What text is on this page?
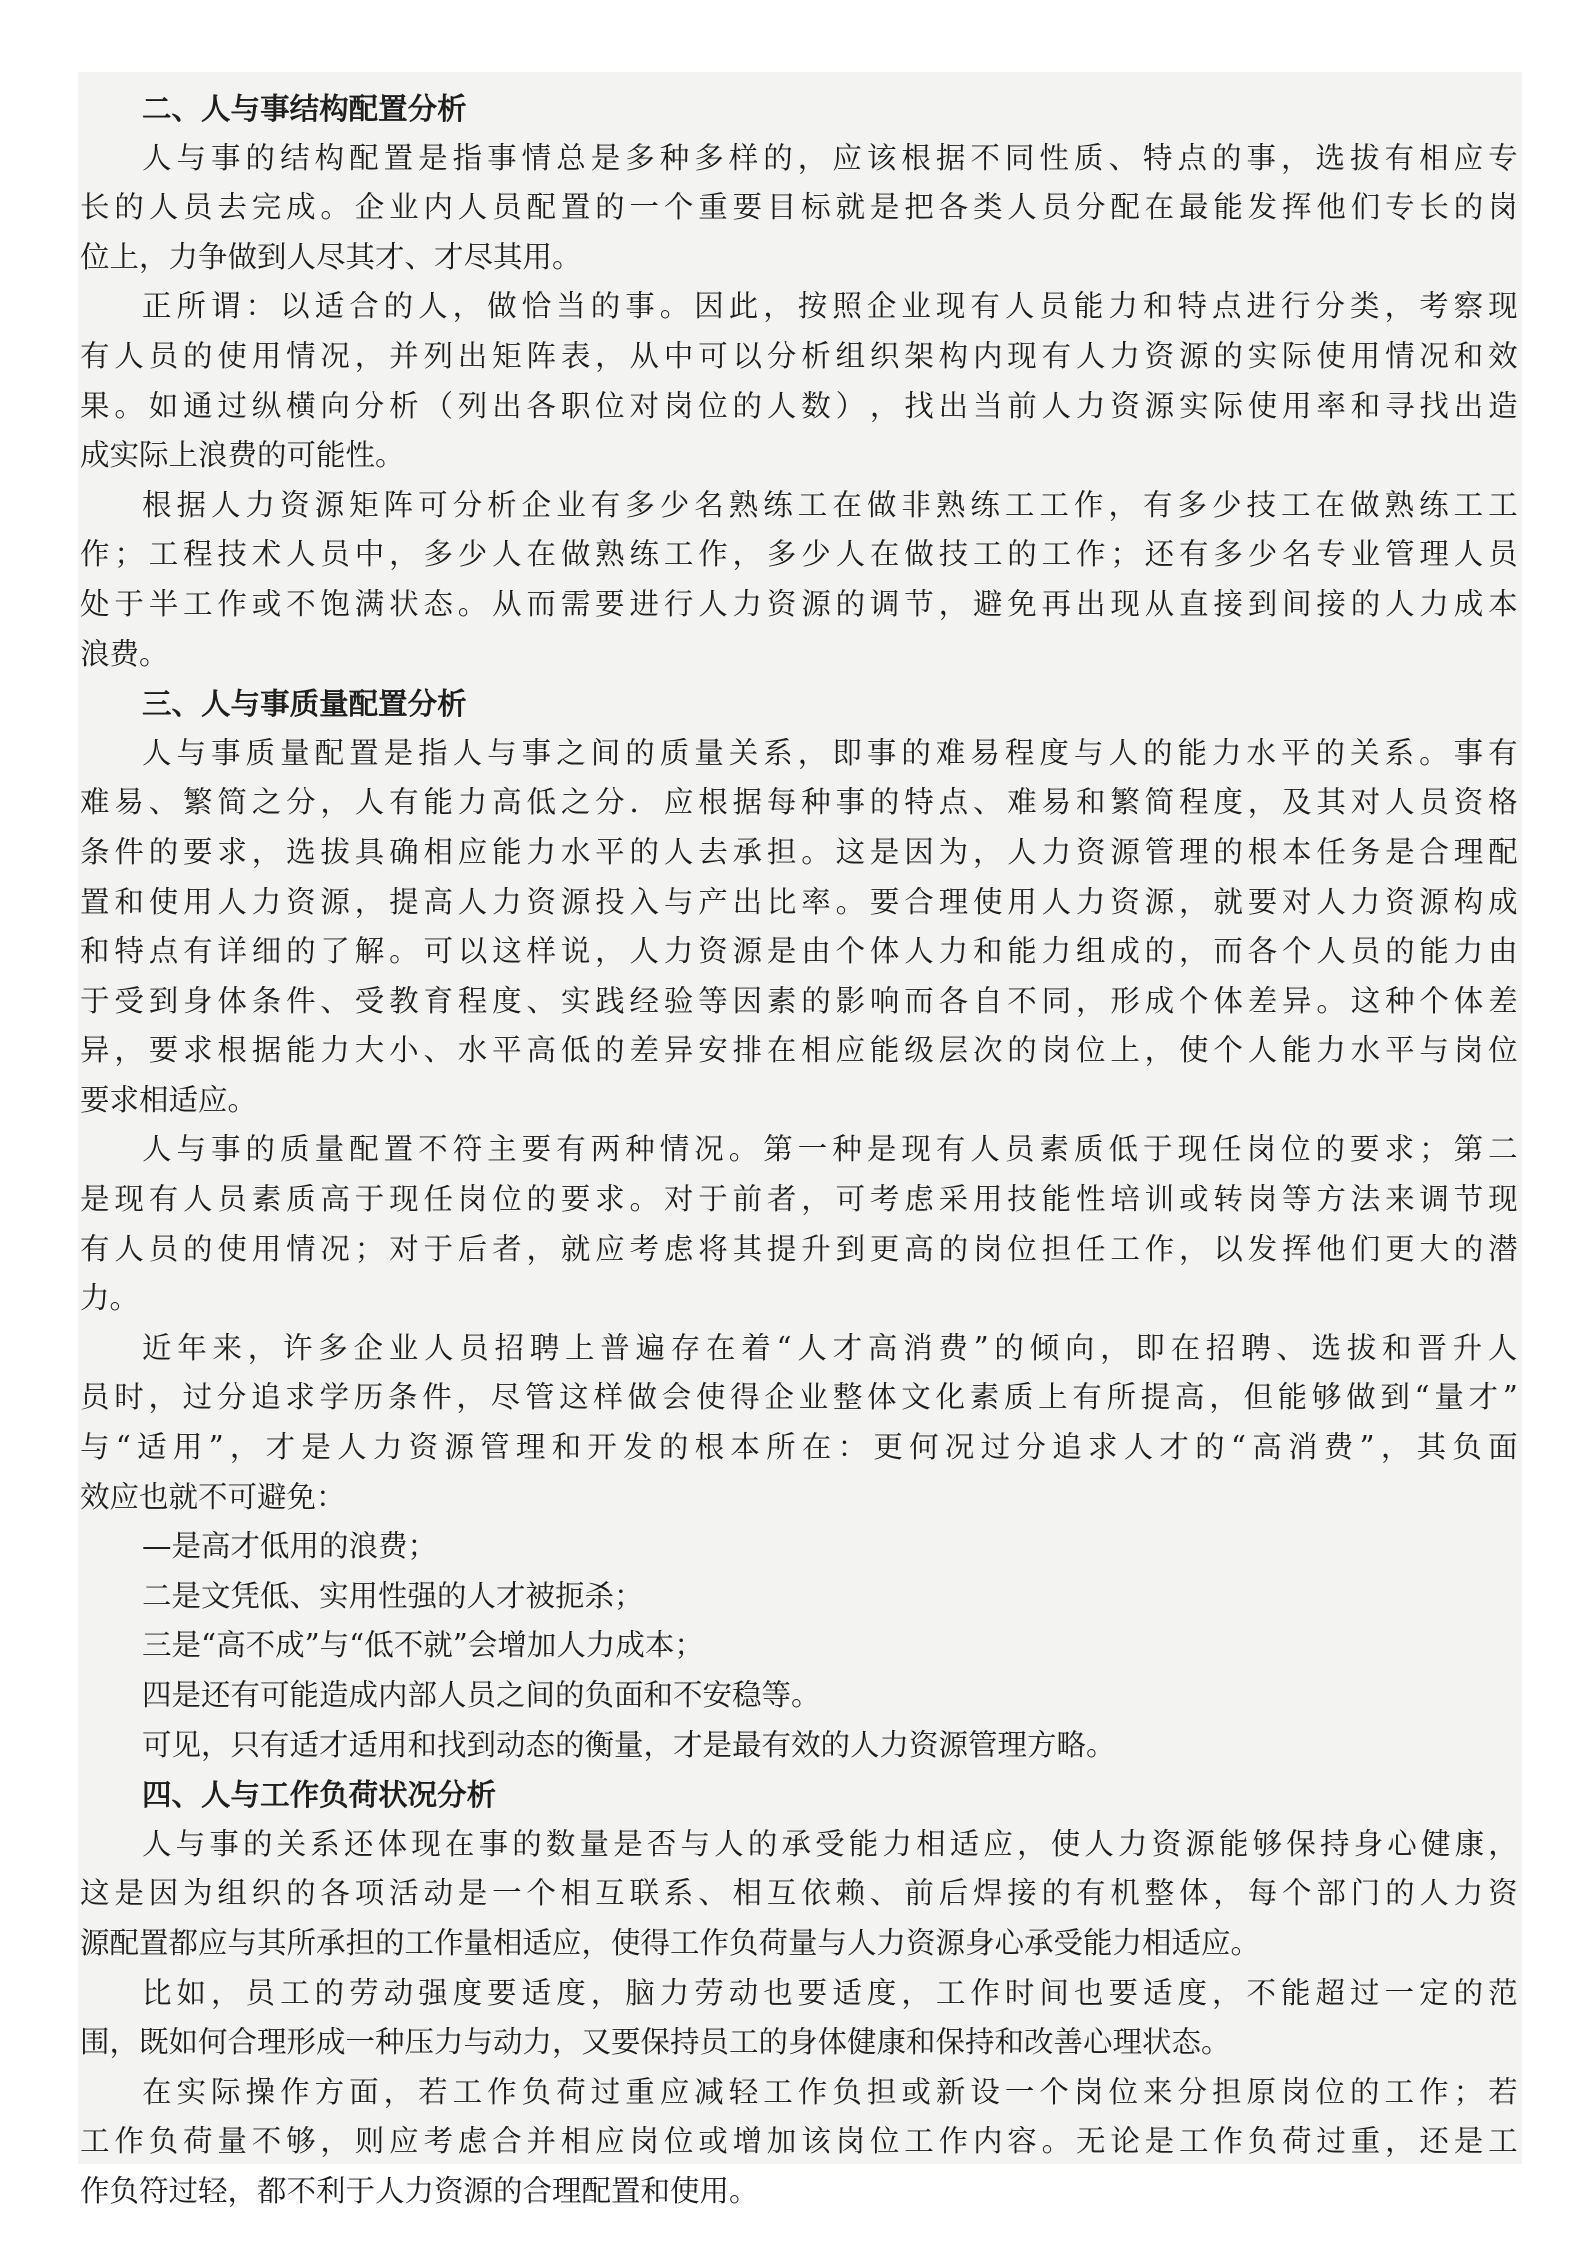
二 、 人 与 事 结 构 配 置 分 析
人 与 事 的 结 构 配 置 是 指 事 情 总 是 多 种 多 样 的 ， 应 该 根 据 不 同 性 质 、 特 点 的 事 ， 选 拔 有 相 应 专
长 的 人 员 去 完 成 。 企 业 内 人 员 配 置 的 一 个 重 要 目 标 就 是 把 各 类 人 员 分 配 在 最 能 发 挥 他 们 专 长 的 岗
位上，力争做到人尽其才、才尽其用。
正 所 谓 ： 以 适 合 的 人 ， 做 恰 当 的 事 。 因 此 ， 按 照 企 业 现 有 人 员 能 力 和 特 点 进 行 分 类 ， 考 察 现
有 人 员 的 使 用 情 况 ， 并 列 出 矩 阵 表 ， 从 中 可 以 分 析 组 织 架 构 内 现 有 人 力 资 源 的 实 际 使 用 情 况 和 效
果 。 如 通 过 纵 横 向 分 析 （ 列 出 各 职 位 对 岗 位 的 人 数 ） ， 找 出 当 前 人 力 资 源 实 际 使 用 率 和 寻 找 出 造
成实际上浪费的可能性。
根 据 人 力 资 源 矩 阵 可 分 析 企 业 有 多 少 名 熟 练 工 在 做 非 熟 练 工 工 作 ， 有 多 少 技 工 在 做 熟 练 工 工
作 ； 工 程 技 术 人 员 中 ， 多 少 人 在 做 熟 练 工 作 ， 多 少 人 在 做 技 工 的 工 作 ； 还 有 多 少 名 专 业 管 理 人 员
处 于 半 工 作 或 不 饱 满 状 态 。 从 而 需 要 进 行 人 力 资 源 的 调 节 ， 避 免 再 出 现 从 直 接 到 间 接 的 人 力 成 本
浪费。
三 、 人 与 事 质 量 配 置 分 析
人 与 事 质 量 配 置 是 指 人 与 事 之 间 的 质 量 关 系 ， 即 事 的 难 易 程 度 与 人 的 能 力 水 平 的 关 系 。 事 有
难 易 、 繁 简 之 分 ， 人 有 能 力 高 低 之 分 ． 应 根 据 每 种 事 的 特 点 、 难 易 和 繁 简 程 度 ， 及 其 对 人 员 资 格
条 件 的 要 求 ， 选 拔 具 确 相 应 能 力 水 平 的 人 去 承 担 。 这 是 因 为 ， 人 力 资 源 管 理 的 根 本 任 务 是 合 理 配
置 和 使 用 人 力 资 源 ， 提 高 人 力 资 源 投 入 与 产 出 比 率 。 要 合 理 使 用 人 力 资 源 ， 就 要 对 人 力 资 源 构 成
和 特 点 有 详 细 的 了 解 。 可 以 这 样 说 ， 人 力 资 源 是 由 个 体 人 力 和 能 力 组 成 的 ， 而 各 个 人 员 的 能 力 由
于 受 到 身 体 条 件 、 受 教 育 程 度 、 实 践 经 验 等 因 素 的 影 响 而 各 自 不 同 ， 形 成 个 体 差 异 。 这 种 个 体 差
异 ， 要 求 根 据 能 力 大 小 、 水 平 高 低 的 差 异 安 排 在 相 应 能 级 层 次 的 岗 位 上 ， 使 个 人 能 力 水 平 与 岗 位
要求相适应。
人 与 事 的 质 量 配 置 不 符 主 要 有 两 种 情 况 。 第 一 种 是 现 有 人 员 素 质 低 于 现 任 岗 位 的 要 求 ； 第 二
是 现 有 人 员 素 质 高 于 现 任 岗 位 的 要 求 。 对 于 前 者 ， 可 考 虑 采 用 技 能 性 培 训 或 转 岗 等 方 法 来 调 节 现
有 人 员 的 使 用 情 况 ； 对 于 后 者 ， 就 应 考 虑 将 其 提 升 到 更 高 的 岗 位 担 任 工 作 ， 以 发 挥 他 们 更 大 的 潜
力。
近 年 来 ， 许 多 企 业 人 员 招 聘 上 普 遍 存 在 着 “ 人 才 高 消 费 ” 的 倾 向 ， 即 在 招 聘 、 选 拔 和 晋 升 人
员 时 ， 过 分 追 求 学 历 条 件 ， 尽 管 这 样 做 会 使 得 企 业 整 体 文 化 素 质 上 有 所 提 高 ， 但 能 够 做 到 “ 量 才 ”
与 “ 适 用 ” ， 才 是 人 力 资 源 管 理 和 开 发 的 根 本 所 在 ： 更 何 况 过 分 追 求 人 才 的 “ 高 消 费 ” ， 其 负 面
效应也就不可避免：
—是高才低用的浪费；
二是文凭低、实用性强的人才被扼杀；
三是“高不成”与“低不就”会增加人力成本；
四是还有可能造成内部人员之间的负面和不安稳等。
可见，只有适才适用和找到动态的衡量，才是最有效的人力资源管理方略。
四 、 人 与 工 作 负 荷 状 况 分 析
人 与 事 的 关 系 还 体 现 在 事 的 数 量 是 否 与 人 的 承 受 能 力 相 适 应 ， 使 人 力 资 源 能 够 保 持 身 心 健 康 ，
这 是 因 为 组 织 的 各 项 活 动 是 一 个 相 互 联 系 、 相 互 依 赖 、 前 后 焊 接 的 有 机 整 体 ， 每 个 部 门 的 人 力 资
源配置都应与其所承担的工作量相适应，使得工作负荷量与人力资源身心承受能力相适应。
比 如 ， 员 工 的 劳 动 强 度 要 适 度 ， 脑 力 劳 动 也 要 适 度 ， 工 作 时 间 也 要 适 度 ， 不 能 超 过 一 定 的 范
围，既如何合理形成一种压力与动力，又要保持员工的身体健康和保持和改善心理状态。
在 实 际 操 作 方 面 ， 若 工 作 负 荷 过 重 应 减 轻 工 作 负 担 或 新 设 一 个 岗 位 来 分 担 原 岗 位 的 工 作 ； 若
工 作 负 荷 量 不 够 ， 则 应 考 虑 合 并 相 应 岗 位 或 增 加 该 岗 位 工 作 内 容 。 无 论 是 工 作 负 荷 过 重 ， 还 是 工
作负符过轻，都不利于人力资源的合理配置和使用。
